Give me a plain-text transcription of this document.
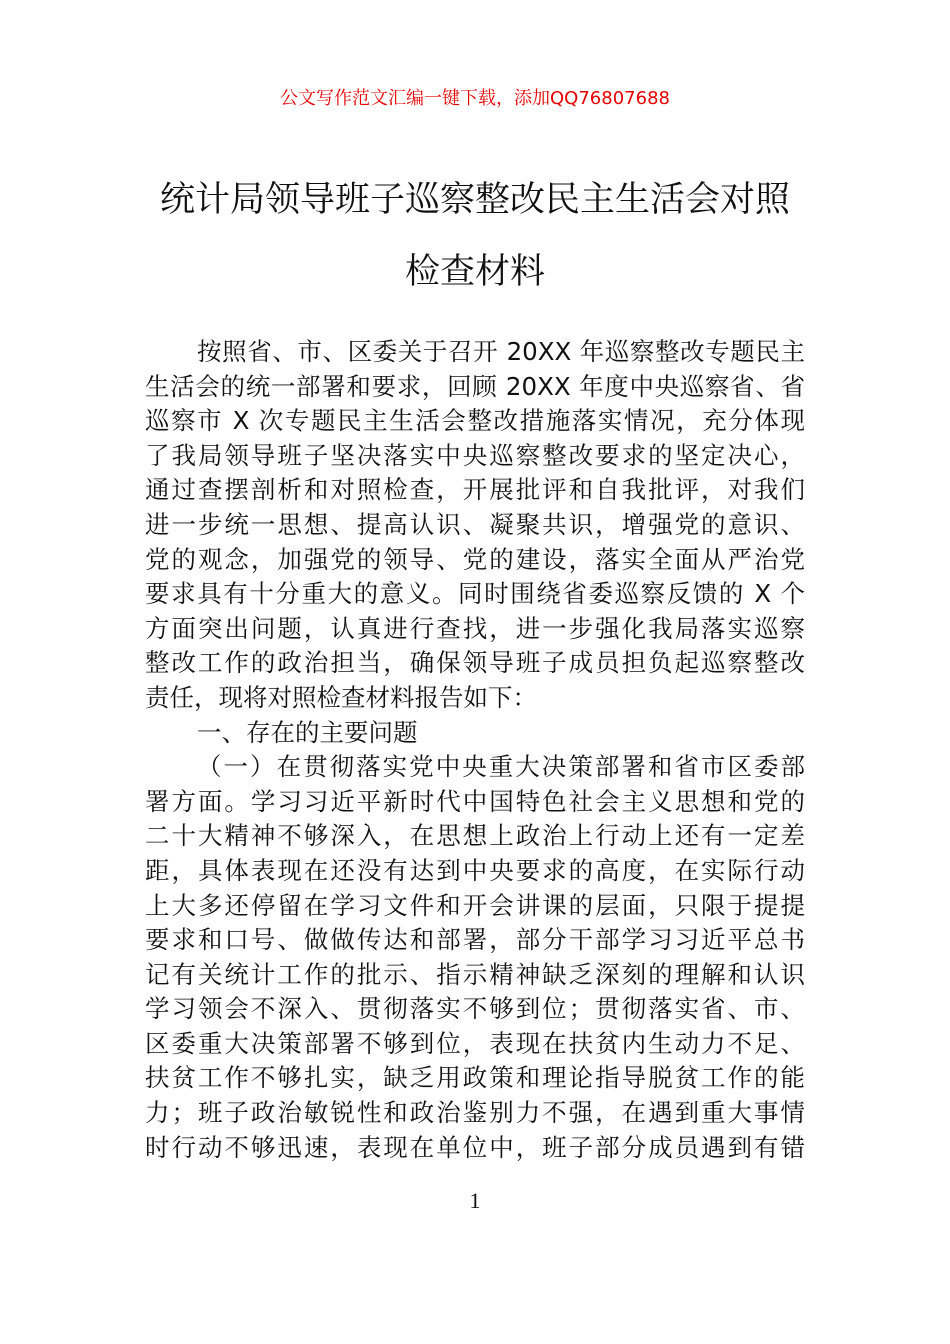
公文写作范文汇编一键下载，添加QQ76807688
统计局领导班子巡察整改民主生活会对照
检查材料
按照省、市、区委关于召开 20XX 年巡察整改专题民主
生活会的统一部署和要求，回顾 20XX 年度中央巡察省、省
巡察市 X 次专题民主生活会整改措施落实情况，充分体现
了我局领导班子坚决落实中央巡察整改要求的坚定决心，
通过查摆剖析和对照检查，开展批评和自我批评，对我们
进一步统一思想、提高认识、凝聚共识，增强党的意识、
党的观念，加强党的领导、党的建设，落实全面从严治党
要求具有十分重大的意义。同时围绕省委巡察反馈的 X 个
方面突出问题，认真进行查找，进一步强化我局落实巡察
整改工作的政治担当，确保领导班子成员担负起巡察整改
责任，现将对照检查材料报告如下：
一、存在的主要问题
（一）在贯彻落实党中央重大决策部署和省市区委部
署方面。学习习近平新时代中国特色社会主义思想和党的
二十大精神不够深入，在思想上政治上行动上还有一定差
距，具体表现在还没有达到中央要求的高度，在实际行动
上大多还停留在学习文件和开会讲课的层面，只限于提提
要求和口号、做做传达和部署，部分干部学习习近平总书
记有关统计工作的批示、指示精神缺乏深刻的理解和认识
学习领会不深入、贯彻落实不够到位；贯彻落实省、市、
区委重大决策部署不够到位，表现在扶贫内生动力不足、
扶贫工作不够扎实，缺乏用政策和理论指导脱贫工作的能
力；班子政治敏锐性和政治鉴别力不强，在遇到重大事情
时行动不够迅速，表现在单位中，班子部分成员遇到有错
1
